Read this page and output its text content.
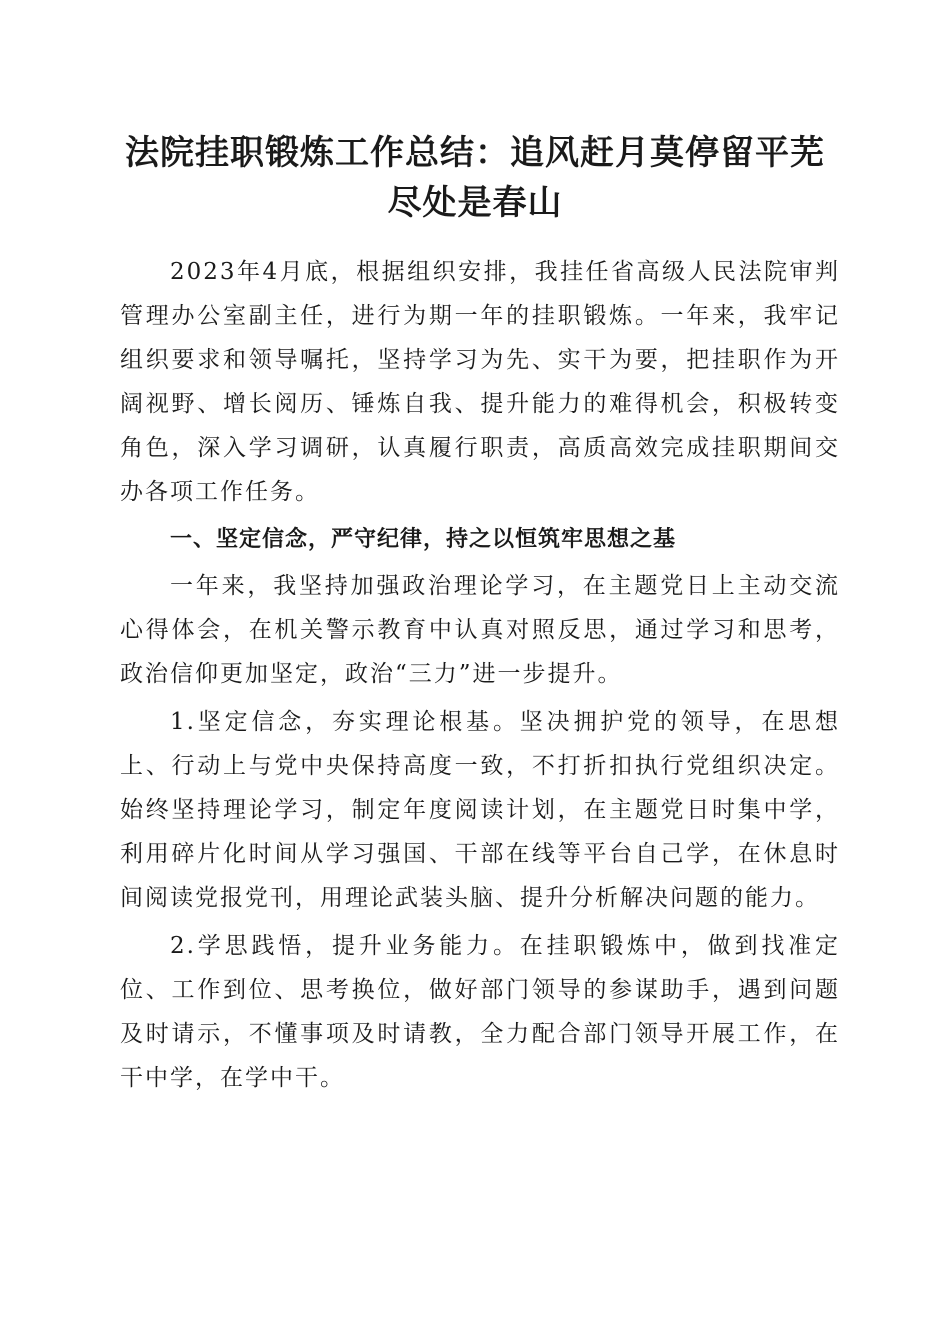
法院挂职锻炼工作总结：追风赶月莫停留平芜
尽处是春山

2023年4月底，根据组织安排，我挂任省高级人民法院审判管理办公室副主任，进行为期一年的挂职锻炼。一年来，我牢记组织要求和领导嘱托，坚持学习为先、实干为要，把挂职作为开阔视野、增长阅历、锤炼自我、提升能力的难得机会，积极转变角色，深入学习调研，认真履行职责，高质高效完成挂职期间交办各项工作任务。

一、坚定信念，严守纪律，持之以恒筑牢思想之基

一年来，我坚持加强政治理论学习，在主题党日上主动交流心得体会，在机关警示教育中认真对照反思，通过学习和思考，政治信仰更加坚定，政治“三力”进一步提升。

1.坚定信念，夯实理论根基。坚决拥护党的领导，在思想上、行动上与党中央保持高度一致，不打折扣执行党组织决定。始终坚持理论学习，制定年度阅读计划，在主题党日时集中学，利用碎片化时间从学习强国、干部在线等平台自己学，在休息时间阅读党报党刊，用理论武装头脑、提升分析解决问题的能力。

2.学思践悟，提升业务能力。在挂职锻炼中，做到找准定位、工作到位、思考换位，做好部门领导的参谋助手，遇到问题及时请示，不懂事项及时请教，全力配合部门领导开展工作，在干中学，在学中干。
